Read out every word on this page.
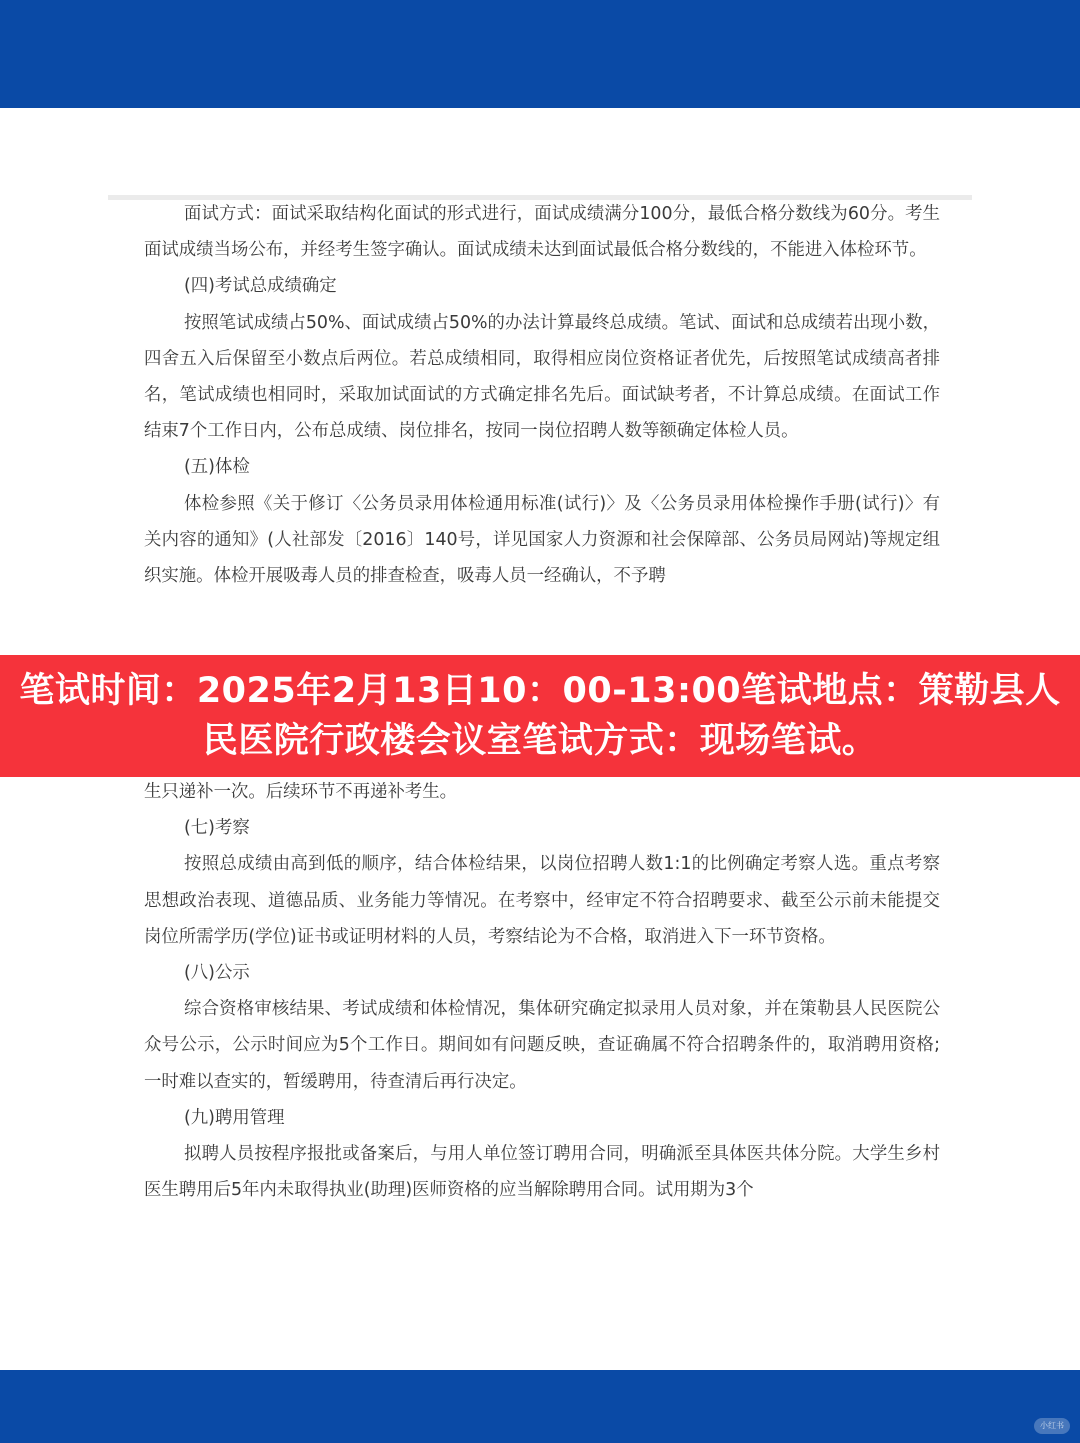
面试方式：面试采取结构化面试的形式进行，面试成绩满分100分，最低合格分数线为60分。考生面试成绩当场公布，并经考生签字确认。面试成绩未达到面试最低合格分数线的，不能进入体检环节。

(四)考试总成绩确定

按照笔试成绩占50%、面试成绩占50%的办法计算最终总成绩。笔试、面试和总成绩若出现小数，四舍五入后保留至小数点后两位。若总成绩相同，取得相应岗位资格证者优先，后按照笔试成绩高者排名，笔试成绩也相同时，采取加试面试的方式确定排名先后。面试缺考者，不计算总成绩。在面试工作结束7个工作日内，公布总成绩、岗位排名，按同一岗位招聘人数等额确定体检人员。

(五)体检

体检参照《关于修订〈公务员录用体检通用标准(试行)〉及〈公务员录用体检操作手册(试行)〉有关内容的通知》(人社部发〔2016〕140号，详见国家人力资源和社会保障部、公务员局网站)等规定组织实施。体检开展吸毒人员的排查检查，吸毒人员一经确认，不予聘

生只递补一次。后续环节不再递补考生。

(七)考察

按照总成绩由高到低的顺序，结合体检结果，以岗位招聘人数1:1的比例确定考察人选。重点考察思想政治表现、道德品质、业务能力等情况。在考察中，经审定不符合招聘要求、截至公示前未能提交岗位所需学历(学位)证书或证明材料的人员，考察结论为不合格，取消进入下一环节资格。

(八)公示

综合资格审核结果、考试成绩和体检情况，集体研究确定拟录用人员对象，并在策勒县人民医院公众号公示，公示时间应为5个工作日。期间如有问题反映，查证确属不符合招聘条件的，取消聘用资格;一时难以查实的，暂缓聘用，待查清后再行决定。

(九)聘用管理

拟聘人员按程序报批或备案后，与用人单位签订聘用合同，明确派至具体医共体分院。大学生乡村医生聘用后5年内未取得执业(助理)医师资格的应当解除聘用合同。试用期为3个

笔试时间：2025年2月13日10：00-13:00笔试地点：策勒县人民医院行政楼会议室笔试方式：现场笔试。
小红书
